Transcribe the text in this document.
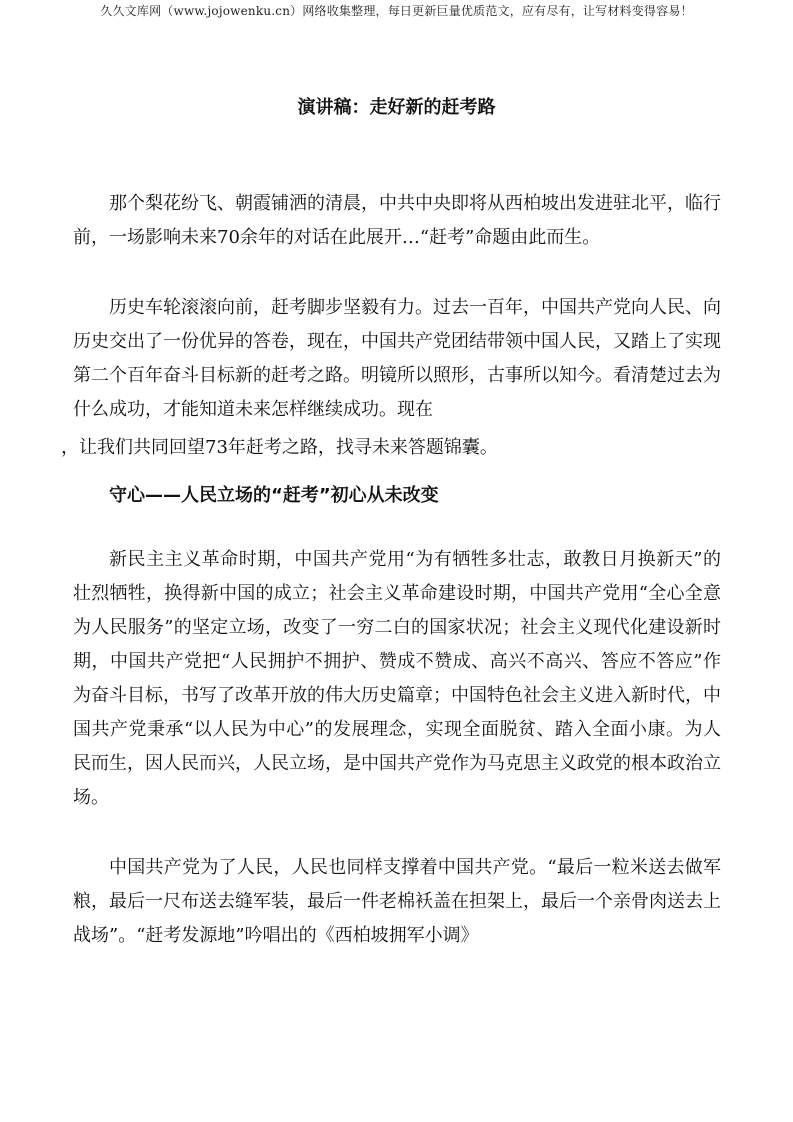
久久文库网（www.jojowenku.cn）网络收集整理，每日更新巨量优质范文，应有尽有，让写材料变得容易！
演讲稿：走好新的赶考路

那个梨花纷飞、朝霞铺洒的清晨，中共中央即将从西柏坡出发进驻北平，临行前，一场影响未来70余年的对话在此展开…“赶考”命题由此而生。

历史车轮滚滚向前，赶考脚步坚毅有力。过去一百年，中国共产党向人民、向历史交出了一份优异的答卷，现在，中国共产党团结带领中国人民，又踏上了实现第二个百年奋斗目标新的赶考之路。明镜所以照形，古事所以知今。看清楚过去为什么成功，才能知道未来怎样继续成功。现在

，让我们共同回望73年赶考之路，找寻未来答题锦囊。

守心——人民立场的“赶考”初心从未改变

新民主主义革命时期，中国共产党用“为有牺牲多壮志，敢教日月换新天”的壮烈牺牲，换得新中国的成立；社会主义革命建设时期，中国共产党用“全心全意为人民服务”的坚定立场，改变了一穷二白的国家状况；社会主义现代化建设新时期，中国共产党把“人民拥护不拥护、赞成不赞成、高兴不高兴、答应不答应”作为奋斗目标，书写了改革开放的伟大历史篇章；中国特色社会主义进入新时代，中国共产党秉承“以人民为中心”的发展理念，实现全面脱贫、踏入全面小康。为人民而生，因人民而兴，人民立场，是中国共产党作为马克思主义政党的根本政治立场。

中国共产党为了人民，人民也同样支撑着中国共产党。“最后一粒米送去做军粮，最后一尺布送去缝军装，最后一件老棉袄盖在担架上，最后一个亲骨肉送去上战场”。“赶考发源地”吟唱出的《西柏坡拥军小调》
